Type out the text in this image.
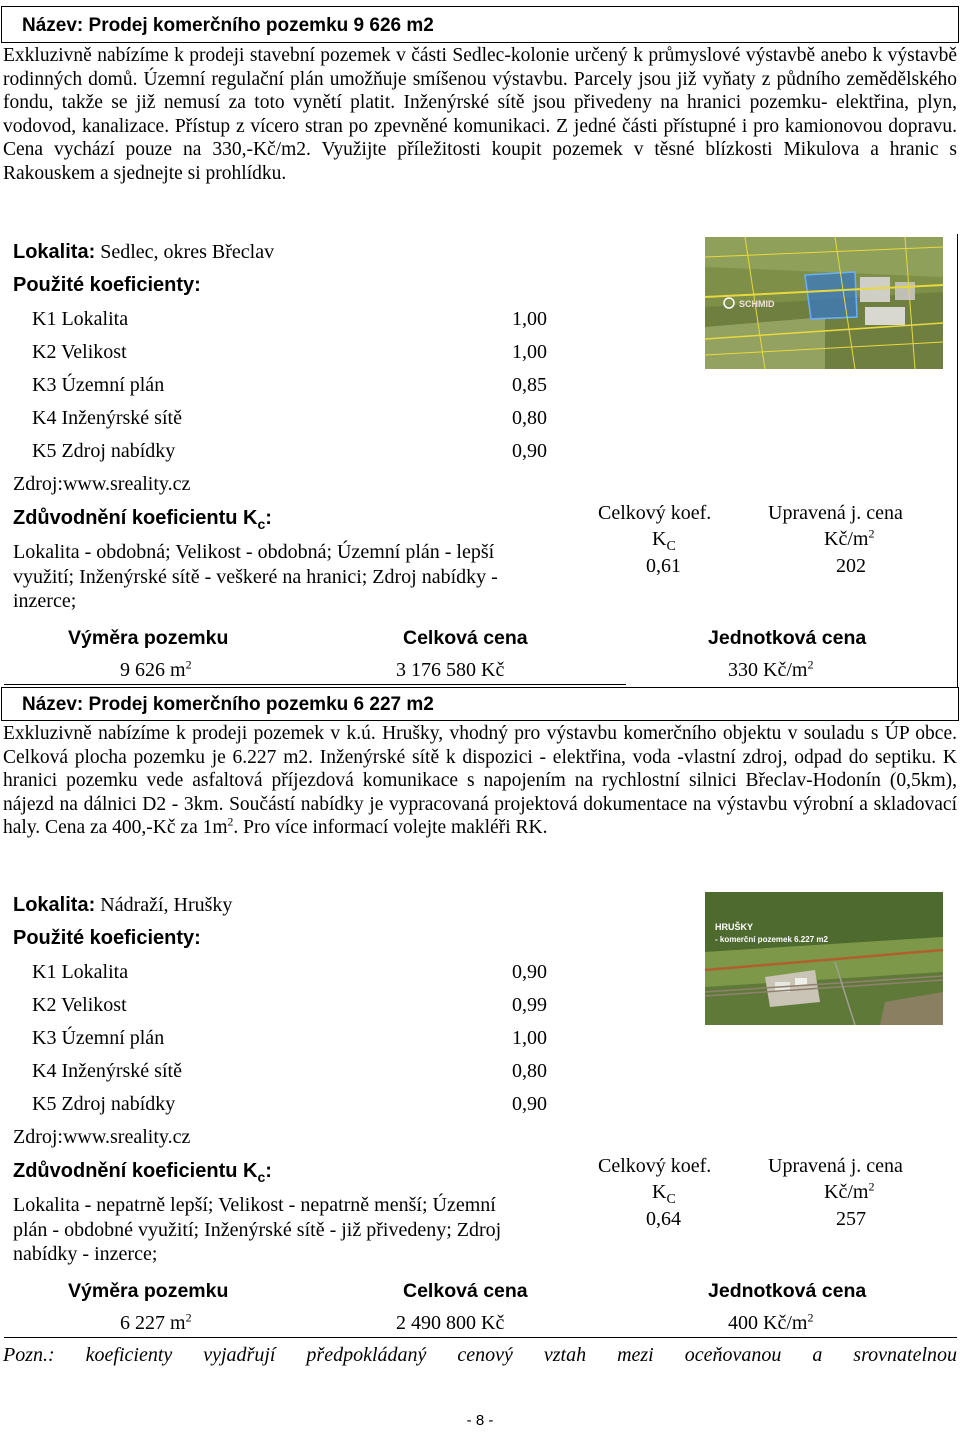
Název: Prodej komerčního pozemku 9 626 m2
Exkluzivně nabízíme k prodeji stavební pozemek v části Sedlec-kolonie určený k průmyslové výstavbě anebo k výstavbě rodinných domů. Územní regulační plán umožňuje smíšenou výstavbu. Parcely jsou již vyňaty z půdního zemědělského fondu, takže se již nemusí za toto vynětí platit. Inženýrské sítě jsou přivedeny na hranici pozemku- elektřina, plyn, vodovod, kanalizace. Přístup z vícero stran po zpevněné komunikaci. Z jedné části přístupné i pro kamionovou dopravu. Cena vychází pouze na 330,-Kč/m2. Využijte příležitosti koupit pozemek v těsné blízkosti Mikulova a hranic s Rakouskem a sjednejte si prohlídku.
Lokalita: Sedlec, okres Břeclav
Použité koeficienty:
K1 Lokalita	1,00
K2 Velikost	1,00
K3 Územní plán	0,85
K4 Inženýrské sítě	0,80
K5 Zdroj nabídky	0,90
Zdroj:www.sreality.cz
Zdůvodnění koeficientu $K_c$:
Lokalita - obdobná; Velikost - obdobná; Územní plán - lepší využití; Inženýrské sítě - veškeré na hranici; Zdroj nabídky - inzerce;
Celkový koef.
$K_C$
0,61
Upravená j. cena
$Kč/m^2$
202
SCHMID
Výměra pozemku	Celková cena	Jednotková cena
9 626 $m^2$	3 176 580 Kč	330 $Kč/m^2$
Název: Prodej komerčního pozemku 6 227 m2
Exkluzivně nabízíme k prodeji pozemek v k.ú. Hrušky, vhodný pro výstavbu komerčního objektu v souladu s ÚP obce. Celková plocha pozemku je 6.227 m2. Inženýrské sítě k dispozici - elektřina, voda -vlastní zdroj, odpad do septiku. K hranici pozemku vede asfaltová příjezdová komunikace s napojením na rychlostní silnici Břeclav-Hodonín (0,5km), nájezd na dálnici D2 - 3km. Součástí nabídky je vypracovaná projektová dokumentace na výstavbu výrobní a skladovací haly. Cena za 400,-Kč za $1m^2$. Pro více informací volejte makléři RK.
Lokalita: Nádraží, Hrušky
Použité koeficienty:
K1 Lokalita	0,90
K2 Velikost	0,99
K3 Územní plán	1,00
K4 Inženýrské sítě	0,80
K5 Zdroj nabídky	0,90
Zdroj:www.sreality.cz
Zdůvodnění koeficientu $K_c$:
Lokalita - nepatrně lepší; Velikost - nepatrně menší; Územní plán - obdobné využití; Inženýrské sítě - již přivedeny; Zdroj nabídky - inzerce;
Celkový koef.
$K_C$
0,64
Upravená j. cena
$Kč/m^2$
257
HRUŠKY
- komerční pozemek 6.227 m2
Výměra pozemku	Celková cena	Jednotková cena
6 227 $m^2$	2 490 800 Kč	400 $Kč/m^2$
Pozn.: koeficienty vyjadřují předpokládaný cenový vztah mezi oceňovanou a srovnatelnou
- 8 -
